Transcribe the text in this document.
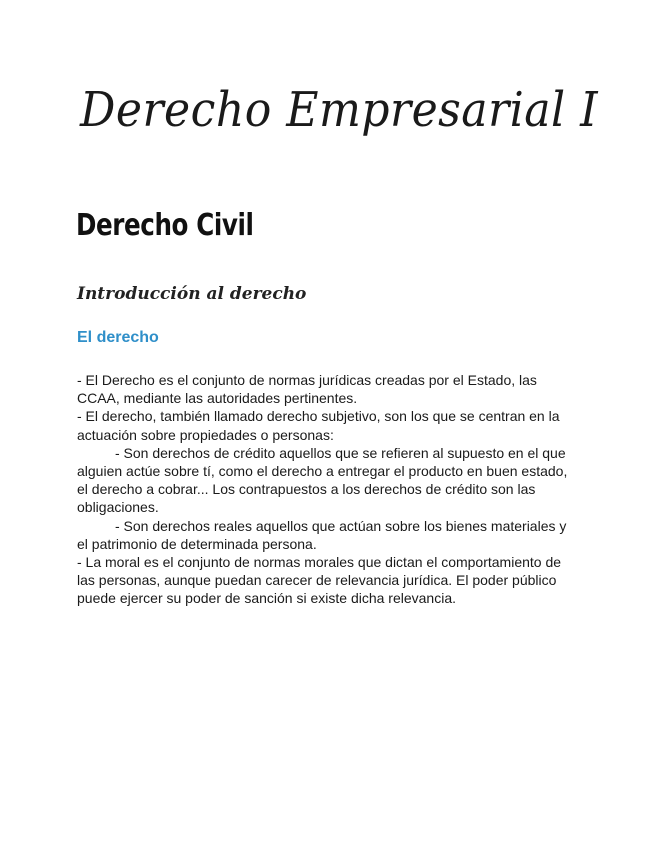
Derecho Empresarial I
Derecho Civil
Introducción al derecho
El derecho

- El Derecho es el conjunto de normas jurídicas creadas por el Estado, las CCAA, mediante las autoridades pertinentes.

- El derecho, también llamado derecho subjetivo, son los que se centran en la actuación sobre propiedades o personas:

- Son derechos de crédito aquellos que se refieren al supuesto en el que alguien actúe sobre tí, como el derecho a entregar el producto en buen estado, el derecho a cobrar... Los contrapuestos a los derechos de crédito son las obligaciones.

- Son derechos reales aquellos que actúan sobre los bienes materiales y el patrimonio de determinada persona.

- La moral es el conjunto de normas morales que dictan el comportamiento de las personas, aunque puedan carecer de relevancia jurídica. El poder público puede ejercer su poder de sanción si existe dicha relevancia.
